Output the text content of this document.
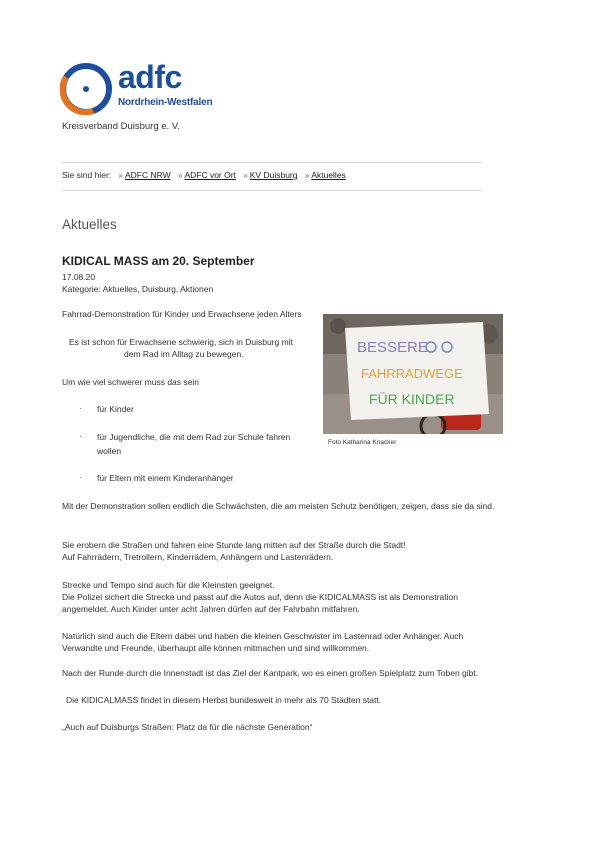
adfc
Nordrhein-Westfalen
Kreisverband Duisburg e. V.
Sie sind hier: » ADFC NRW » ADFC vor Ort » KV Duisburg » Aktuelles
Aktuelles
KIDICAL MASS am 20. September
17.08.20
Kategorie: Aktuelles, Duisburg, Aktionen
Fahrrad-Demonstration für Kinder und Erwachsene jeden Alters
Es ist schon für Erwachsene schwierig, sich in Duisburg mit
dem Rad im Alltag zu bewegen.
Um wie viel schwerer muss das sein
· für Kinder
· für Jugendliche, die mit dem Rad zur Schule fahren wollen
· für Eltern mit einem Kinderanhänger
BESSERE
FAHRRADWEGE
FÜR KINDER
Foto Katharina Knacker
Mit der Demonstration sollen endlich die Schwächsten, die am meisten Schutz benötigen, zeigen, dass sie da sind.
Sie erobern die Straßen und fahren eine Stunde lang mitten auf der Straße durch die Stadt!
Auf Fahrrädern, Tretrollern, Kinderrädern, Anhängern und Lastenrädern.
Strecke und Tempo sind auch für die Kleinsten geeignet.
Die Polizei sichert die Strecke und passt auf die Autos auf, denn die KIDICALMASS ist als Demonstration angemeldet. Auch Kinder unter acht Jahren dürfen auf der Fahrbahn mitfahren.
Natürlich sind auch die Eltern dabei und haben die kleinen Geschwister im Lastenrad oder Anhänger. Auch Verwandte und Freunde, überhaupt alle können mitmachen und sind willkommen.
Nach der Runde durch die Innenstadt ist das Ziel der Kantpark, wo es einen großen Spielplatz zum Toben gibt.
Die KIDICALMASS findet in diesem Herbst bundesweit in mehr als 70 Städten statt.
„Auch auf Duisburgs Straßen: Platz da für die nächste Generation“
